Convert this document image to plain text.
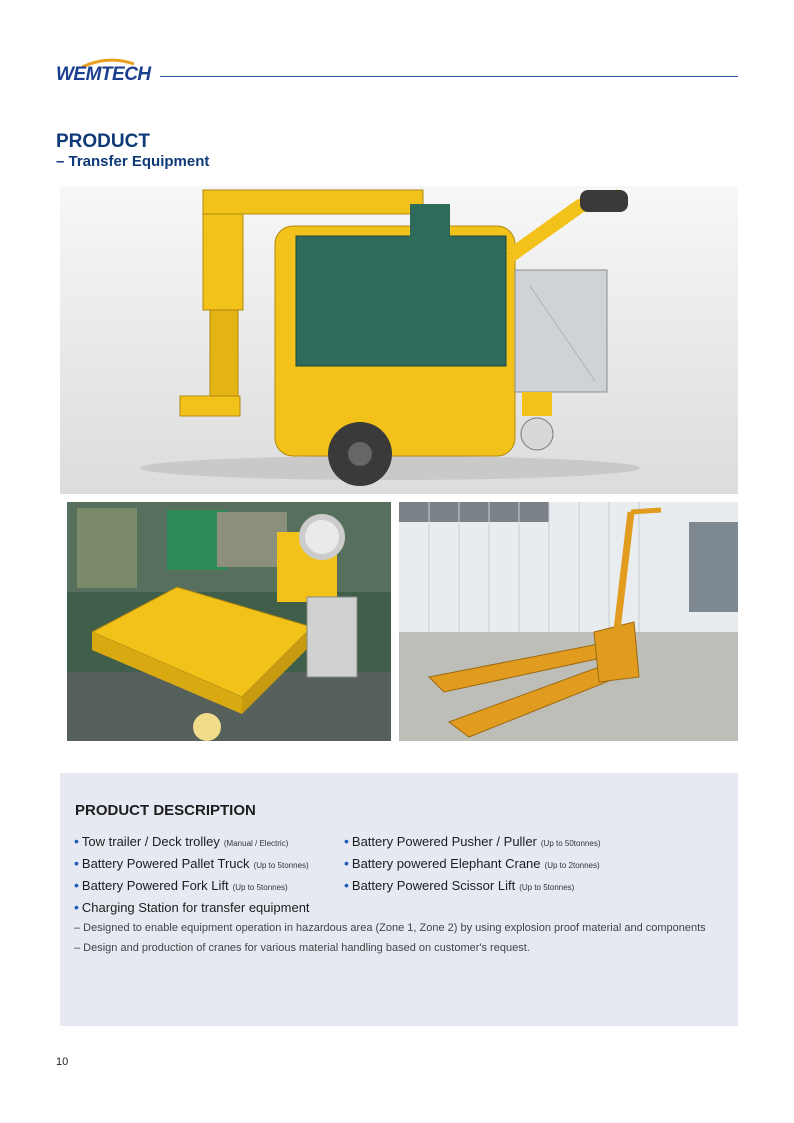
WEMTECH
PRODUCT
– Transfer Equipment
PRODUCT DESCRIPTION
• Tow trailer / Deck trolley (Manual / Electric)
• Battery Powered Pallet Truck (Up to 5tonnes)
• Battery Powered Fork Lift (Up to 5tonnes)
• Charging Station for transfer equipment
• Battery Powered Pusher / Puller (Up to 50tonnes)
• Battery powered Elephant Crane (Up to 2tonnes)
• Battery Powered Scissor Lift (Up to 5tonnes)
– Designed to enable equipment operation in hazardous area (Zone 1, Zone 2) by using explosion proof material and components
– Design and production of cranes for various material handling based on customer's request.
10
